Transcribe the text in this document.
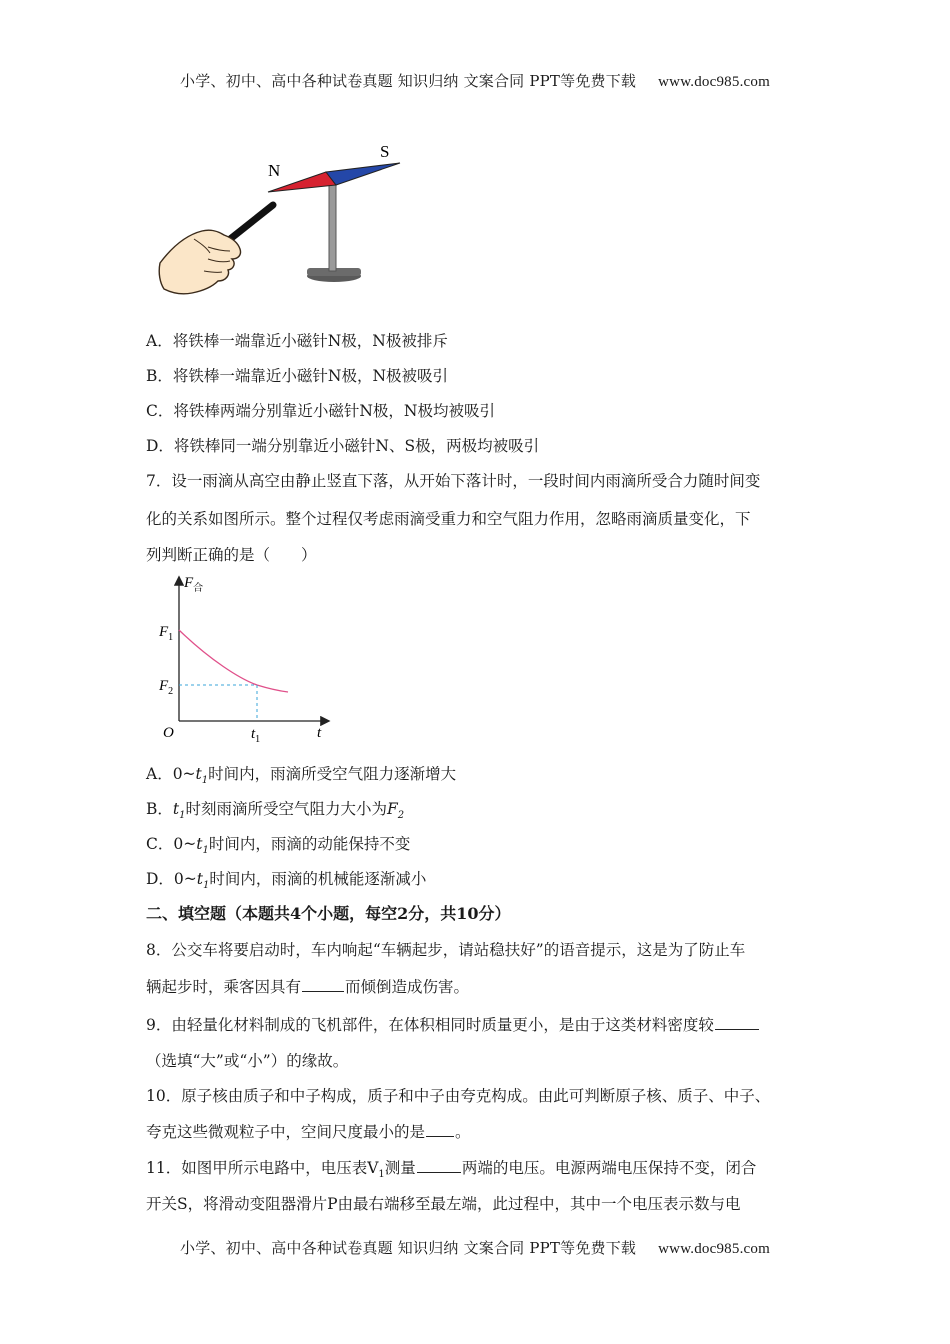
小学、初中、高中各种试卷真题 知识归纳 文案合同 PPT等免费下载 www.doc985.com
N
S
A．将铁棒一端靠近小磁针N极，N极被排斥
B．将铁棒一端靠近小磁针N极，N极被吸引
C．将铁棒两端分别靠近小磁针N极，N极均被吸引
D．将铁棒同一端分别靠近小磁针N、S极，两极均被吸引
7．设一雨滴从高空由静止竖直下落，从开始下落计时，一段时间内雨滴所受合力随时间变
化的关系如图所示。整个过程仅考虑雨滴受重力和空气阻力作用，忽略雨滴质量变化，下
列判断正确的是（　　）
$F_合$
$F_1$
$F_2$
O	$t_1$	t
A．$0\sim t_1$时间内，雨滴所受空气阻力逐渐增大
B．$t_1$时刻雨滴所受空气阻力大小为$F_2$
C．$0\sim t_1$时间内，雨滴的动能保持不变
D．$0\sim t_1$时间内，雨滴的机械能逐渐减小
二、填空题（本题共4个小题，每空2分，共10分）
8．公交车将要启动时，车内响起“车辆起步，请站稳扶好”的语音提示，这是为了防止车
辆起步时，乘客因具有	而倾倒造成伤害。
9．由轻量化材料制成的飞机部件，在体积相同时质量更小，是由于这类材料密度较
（选填“大”或“小”）的缘故。
10．原子核由质子和中子构成，质子和中子由夸克构成。由此可判断原子核、质子、中子、
夸克这些微观粒子中，空间尺度最小的是 。
11．如图甲所示电路中，电压表$V_1$测量	两端的电压。电源两端电压保持不变，闭合
开关S，将滑动变阻器滑片P由最右端移至最左端，此过程中，其中一个电压表示数与电
小学、初中、高中各种试卷真题 知识归纳 文案合同 PPT等免费下载 www.doc985.com
